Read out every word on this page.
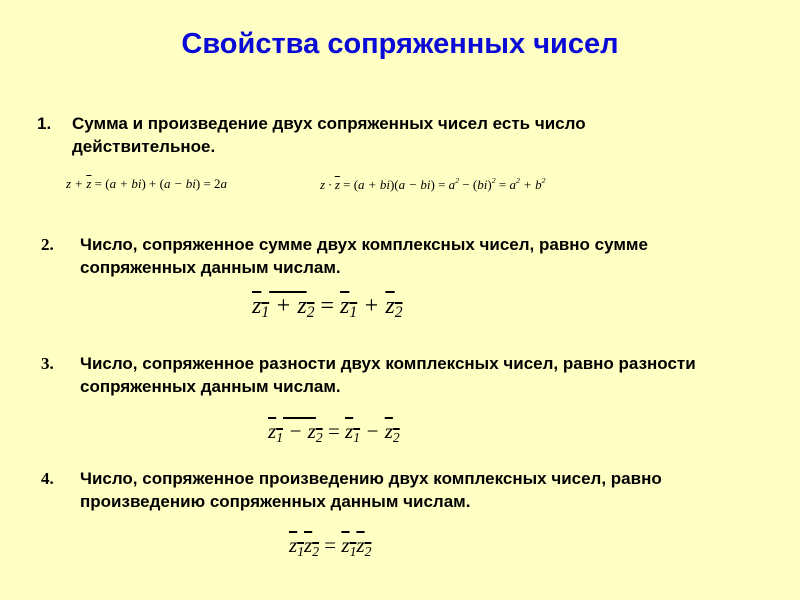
Свойства сопряженных чисел
1. Сумма и произведение двух сопряженных чисел есть число действительное.
$z + \overline{z} = (a + bi) + (a - bi) = 2a$	$z \cdot \overline{z} = (a + bi)(a - bi) = a^2 - (bi)^2 = a^2 + b^2$
2. Число, сопряженное сумме двух комплексных чисел, равно сумме сопряженных данным числам.
$z_1 + z_2 = z_1 + z_2$
3. Число, сопряженное разности двух комплексных чисел, равно разности сопряженных данным числам.
$z_1 - z_2 = z_1 - z_2$
4. Число, сопряженное произведению двух комплексных чисел, равно произведению сопряженных данным числам.
$z_1z_2 = z_1z_2$
